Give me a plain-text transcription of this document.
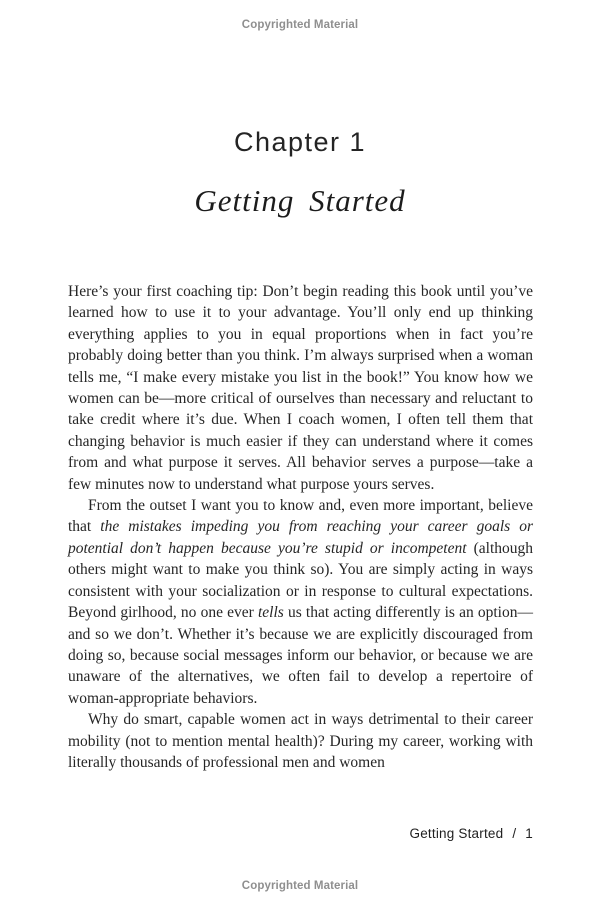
Copyrighted Material
Chapter 1
Getting Started

Here’s your first coaching tip: Don’t begin reading this book until you’ve learned how to use it to your advantage. You’ll only end up thinking everything applies to you in equal proportions when in fact you’re probably doing better than you think. I’m always surprised when a woman tells me, “I make every mistake you list in the book!” You know how we women can be—more critical of ourselves than necessary and reluctant to take credit where it’s due. When I coach women, I often tell them that changing behavior is much easier if they can understand where it comes from and what purpose it serves. All behavior serves a purpose—take a few minutes now to understand what purpose yours serves.

From the outset I want you to know and, even more important, believe that the mistakes impeding you from reaching your career goals or potential don’t happen because you’re stupid or incompetent (although others might want to make you think so). You are simply acting in ways consistent with your socialization or in response to cultural expectations. Beyond girlhood, no one ever tells us that acting differently is an option—and so we don’t. Whether it’s because we are explicitly discouraged from doing so, because social messages inform our behavior, or because we are unaware of the alternatives, we often fail to develop a repertoire of woman-appropriate behaviors.

Why do smart, capable women act in ways detrimental to their career mobility (not to mention mental health)? During my career, working with literally thousands of professional men and women

Getting Started / 1
Copyrighted Material
